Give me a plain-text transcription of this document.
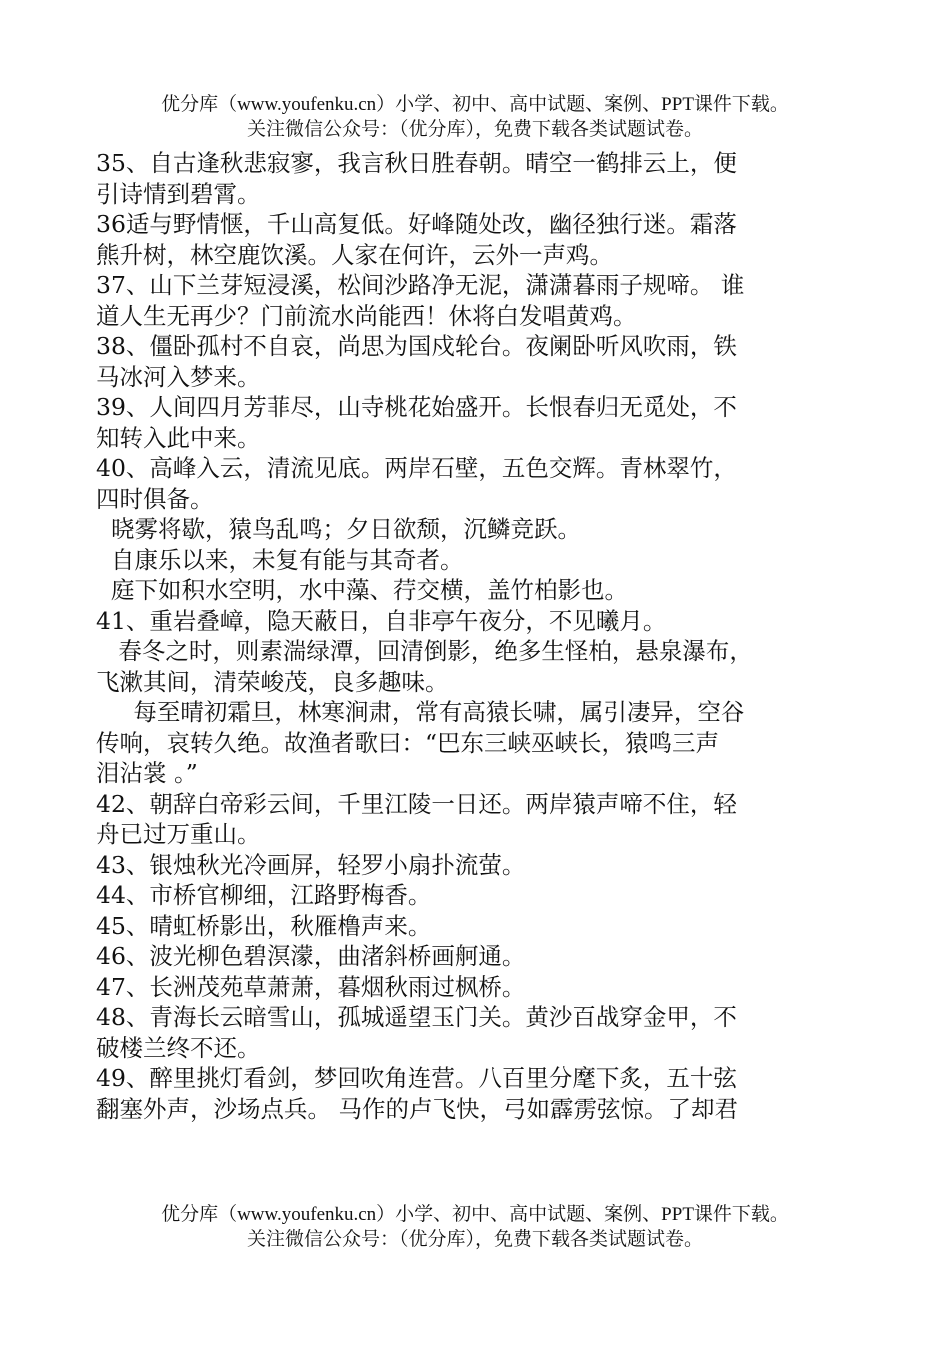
优分库（www.youfenku.cn）小学、初中、高中试题、案例、PPT课件下载。
关注微信公众号：（优分库），免费下载各类试题试卷。
35、自古逢秋悲寂寥，我言秋日胜春朝。晴空一鹤排云上，便
引诗情到碧霄。
36适与野情惬，千山高复低。好峰随处改，幽径独行迷。霜落
熊升树，林空鹿饮溪。人家在何许，云外一声鸡。
37、山下兰芽短浸溪，松间沙路净无泥，潇潇暮雨子规啼。 谁
道人生无再少？门前流水尚能西！休将白发唱黄鸡。
38、僵卧孤村不自哀，尚思为国戍轮台。夜阑卧听风吹雨，铁
马冰河入梦来。
39、人间四月芳菲尽，山寺桃花始盛开。长恨春归无觅处，不
知转入此中来。
40、高峰入云，清流见底。两岸石壁，五色交辉。青林翠竹，
四时俱备。
晓雾将歇，猿鸟乱鸣；夕日欲颓，沉鳞竞跃。
自康乐以来，未复有能与其奇者。
庭下如积水空明，水中藻、荇交横，盖竹柏影也。
41、重岩叠嶂，隐天蔽日，自非亭午夜分，不见曦月。
春冬之时，则素湍绿潭，回清倒影，绝多生怪柏，悬泉瀑布，
飞漱其间，清荣峻茂，良多趣味。
每至晴初霜旦，林寒涧肃，常有高猿长啸，属引凄异，空谷
传响，哀转久绝。故渔者歌曰：“巴东三峡巫峡长，猿鸣三声
泪沾裳 。”
42、朝辞白帝彩云间，千里江陵一日还。两岸猿声啼不住，轻
舟已过万重山。
43、银烛秋光冷画屏，轻罗小扇扑流萤。
44、市桥官柳细，江路野梅香。
45、晴虹桥影出，秋雁橹声来。
46、波光柳色碧溟濛，曲渚斜桥画舸通。
47、长洲茂苑草萧萧，暮烟秋雨过枫桥。
48、青海长云暗雪山，孤城遥望玉门关。黄沙百战穿金甲，不
破楼兰终不还。
49、醉里挑灯看剑，梦回吹角连营。八百里分麾下炙，五十弦
翻塞外声，沙场点兵。 马作的卢飞快，弓如霹雳弦惊。了却君
优分库（www.youfenku.cn）小学、初中、高中试题、案例、PPT课件下载。
关注微信公众号：（优分库），免费下载各类试题试卷。
